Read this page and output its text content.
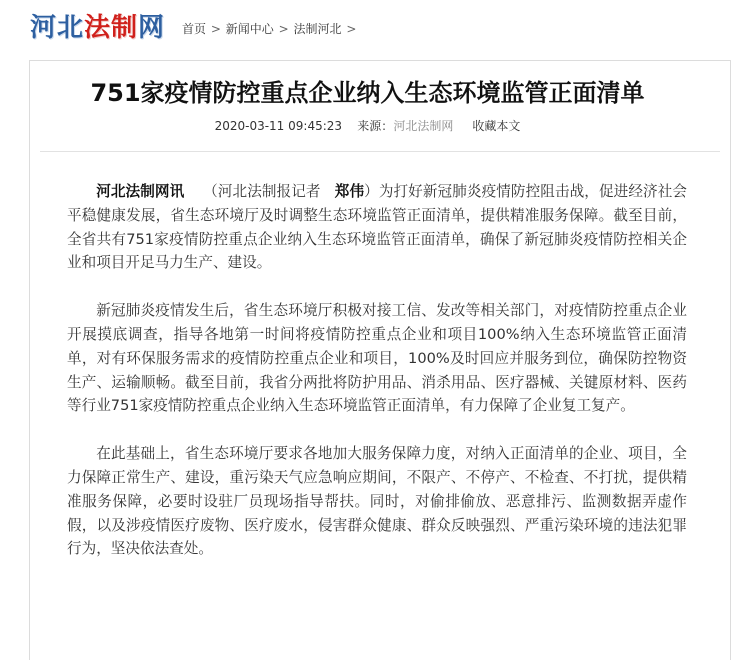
河北法制网 首页 > 新闻中心 > 法制河北 >
751家疫情防控重点企业纳入生态环境监管正面清单
2020-03-11 09:45:23 来源：河北法制网 收藏本文

河北法制网讯 （河北法制报记者 郑伟）为打好新冠肺炎疫情防控阻击战，促进经济社会平稳健康发展，省生态环境厅及时调整生态环境监管正面清单，提供精准服务保障。截至目前，全省共有751家疫情防控重点企业纳入生态环境监管正面清单，确保了新冠肺炎疫情防控相关企业和项目开足马力生产、建设。

新冠肺炎疫情发生后，省生态环境厅积极对接工信、发改等相关部门，对疫情防控重点企业开展摸底调查，指导各地第一时间将疫情防控重点企业和项目100%纳入生态环境监管正面清单，对有环保服务需求的疫情防控重点企业和项目，100%及时回应并服务到位，确保防控物资生产、运输顺畅。截至目前，我省分两批将防护用品、消杀用品、医疗器械、关键原材料、医药等行业751家疫情防控重点企业纳入生态环境监管正面清单，有力保障了企业复工复产。

在此基础上，省生态环境厅要求各地加大服务保障力度，对纳入正面清单的企业、项目，全力保障正常生产、建设，重污染天气应急响应期间，不限产、不停产、不检查、不打扰，提供精准服务保障，必要时设驻厂员现场指导帮扶。同时，对偷排偷放、恶意排污、监测数据弄虚作假，以及涉疫情医疗废物、医疗废水，侵害群众健康、群众反映强烈、严重污染环境的违法犯罪行为，坚决依法查处。
